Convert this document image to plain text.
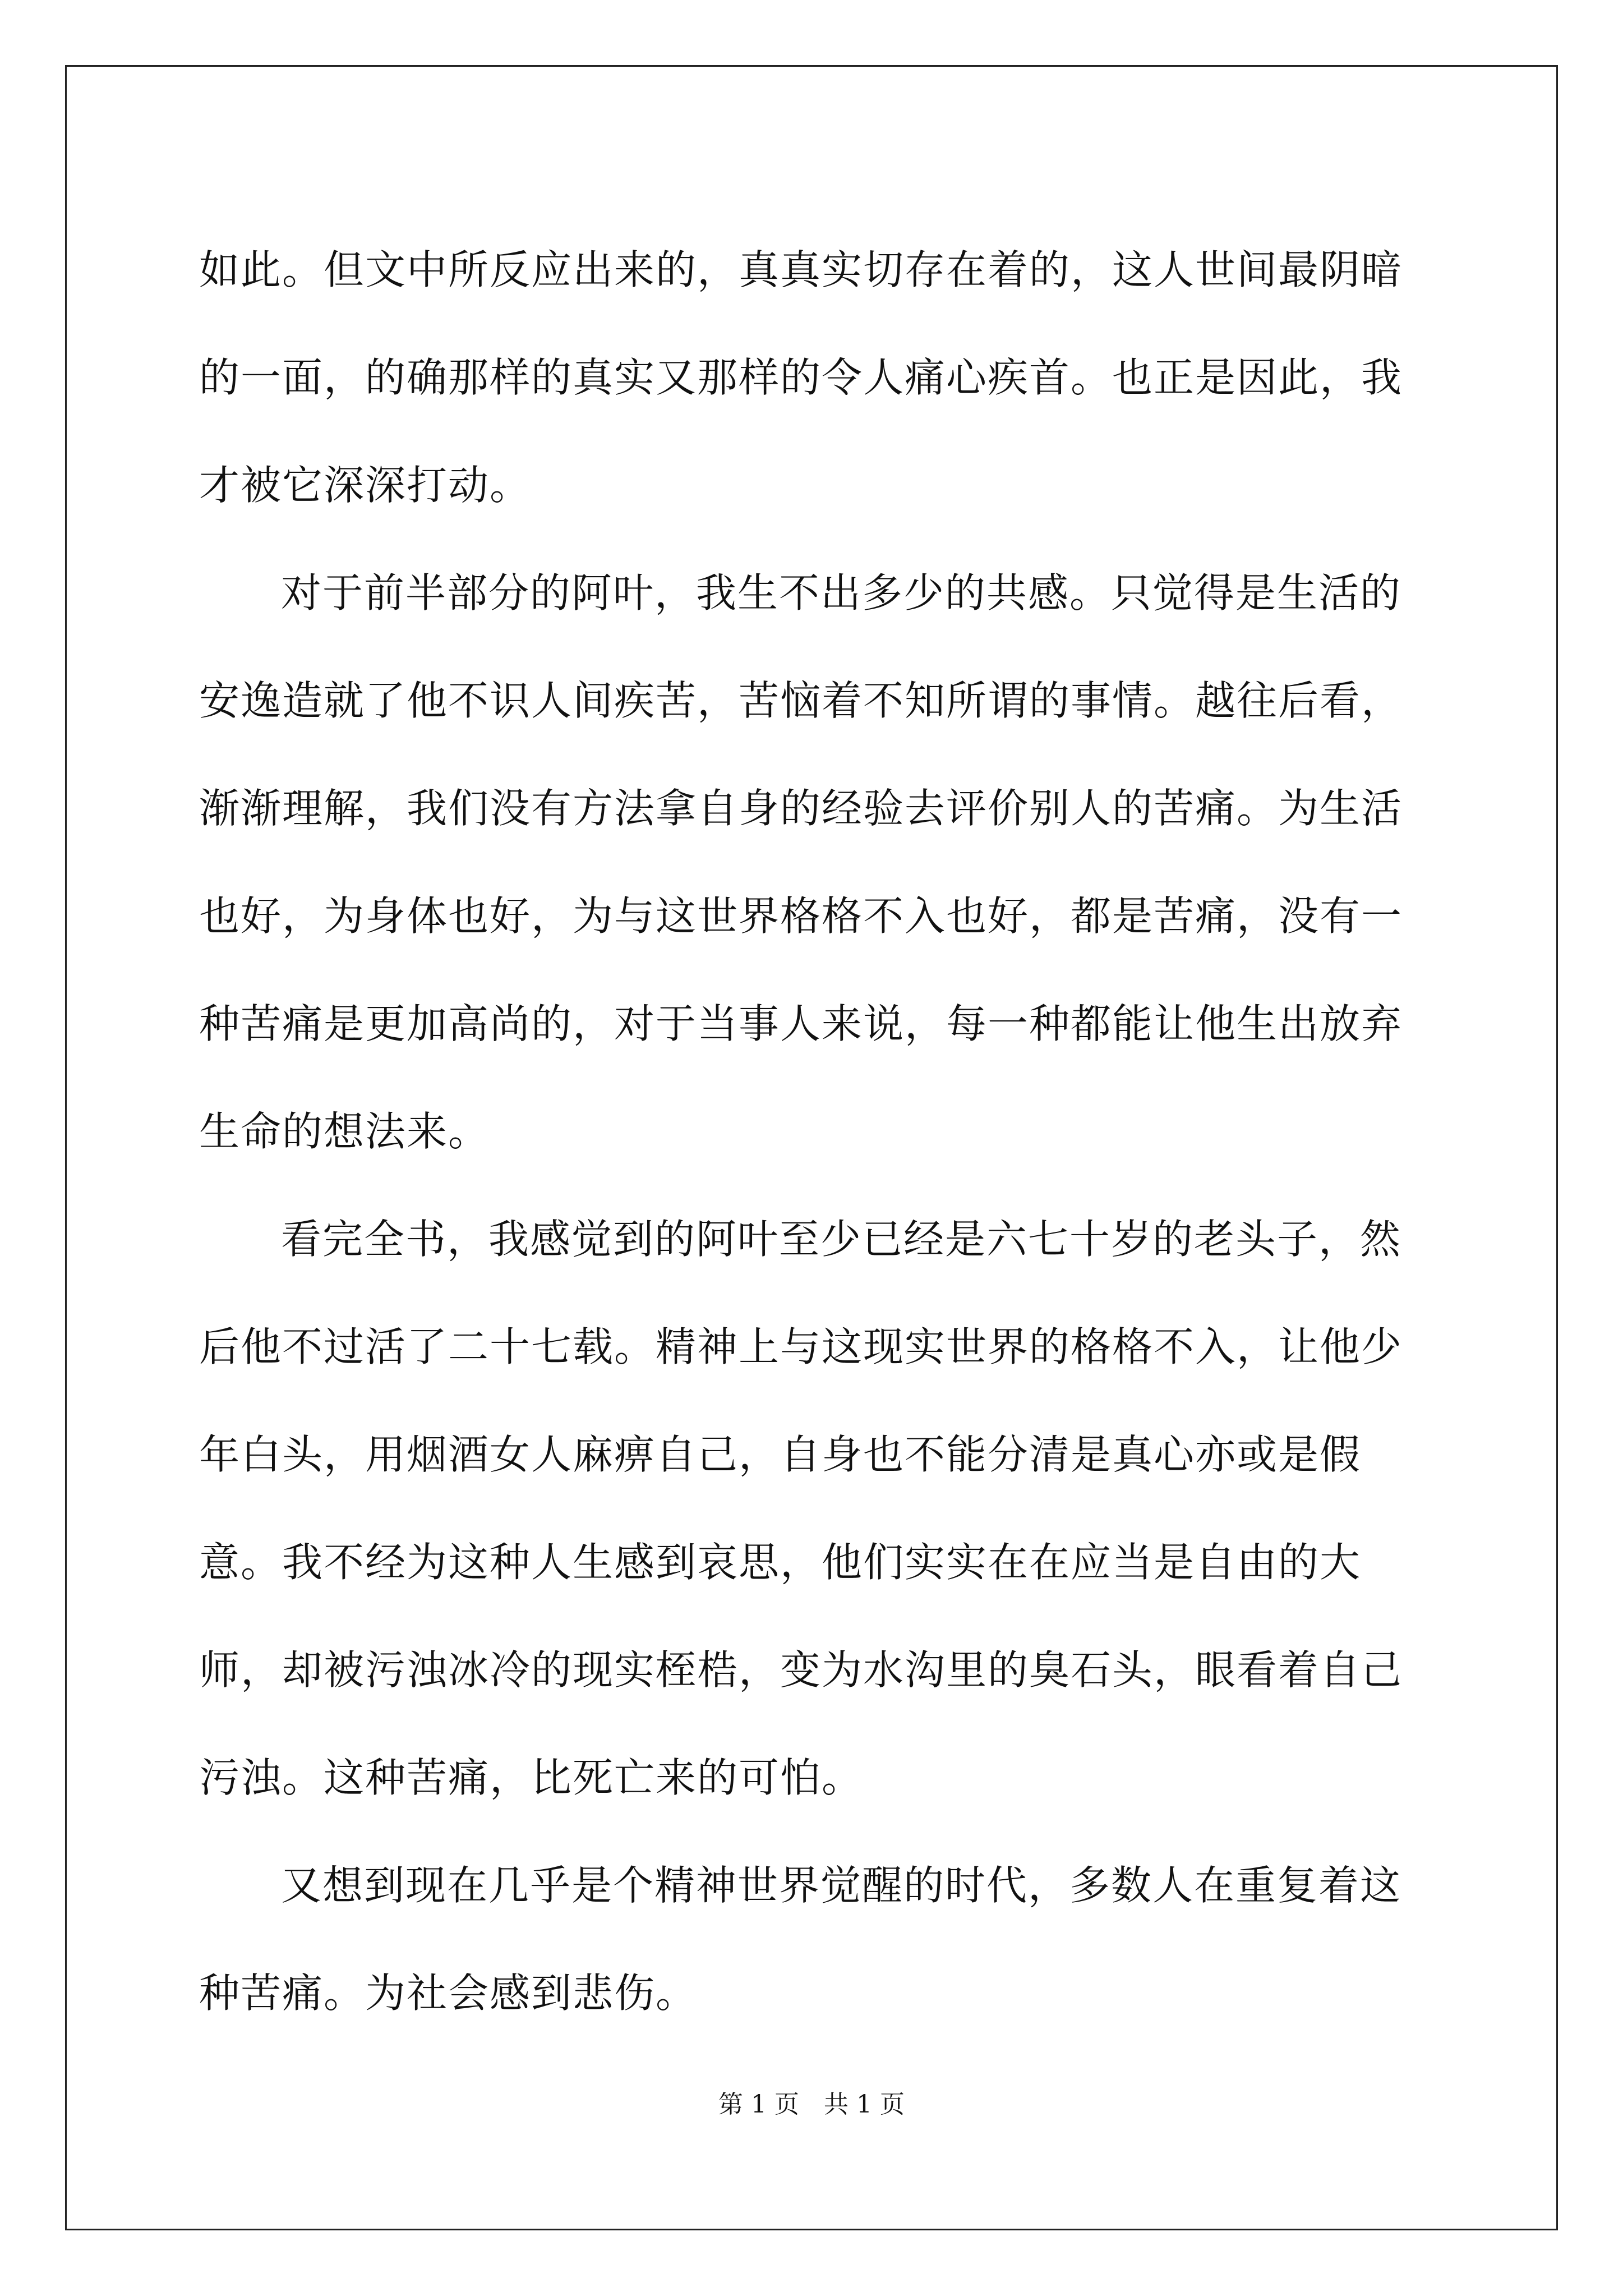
如此。但文中所反应出来的，真真实切存在着的，这人世间最阴暗的一面，的确那样的真实又那样的令人痛心疾首。也正是因此，我才被它深深打动。

对于前半部分的阿叶，我生不出多少的共感。只觉得是生活的安逸造就了他不识人间疾苦，苦恼着不知所谓的事情。越往后看，渐渐理解，我们没有方法拿自身的经验去评价别人的苦痛。为生活也好，为身体也好，为与这世界格格不入也好，都是苦痛，没有一种苦痛是更加高尚的，对于当事人来说，每一种都能让他生出放弃生命的想法来。

看完全书，我感觉到的阿叶至少已经是六七十岁的老头子，然后他不过活了二十七载。精神上与这现实世界的格格不入，让他少年白头，用烟酒女人麻痹自己，自身也不能分清是真心亦或是假意。我不经为这种人生感到哀思，他们实实在在应当是自由的大师，却被污浊冰冷的现实桎梏，变为水沟里的臭石头，眼看着自己污浊。这种苦痛，比死亡来的可怕。

又想到现在几乎是个精神世界觉醒的时代，多数人在重复着这种苦痛。为社会感到悲伤。

第 1 页　共 1 页
